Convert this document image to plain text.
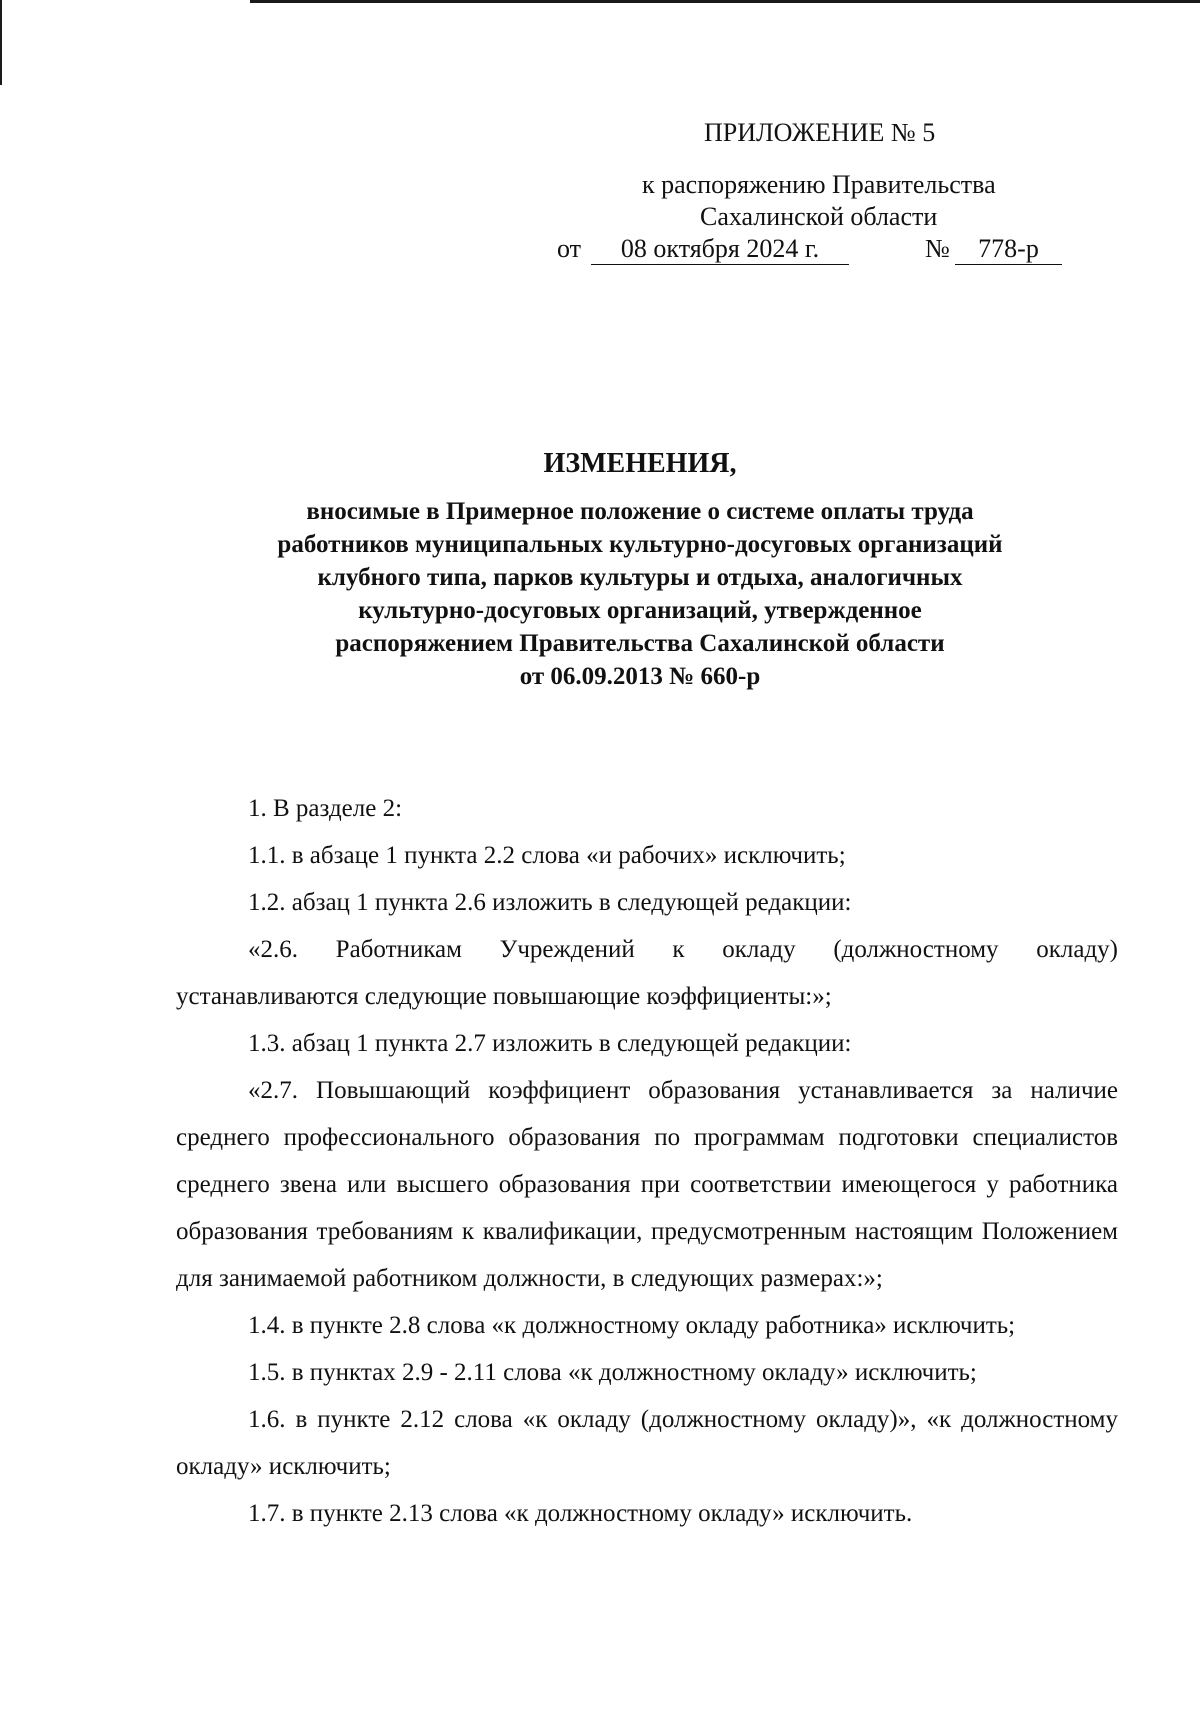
ПРИЛОЖЕНИЕ № 5
к распоряжению Правительства
Сахалинской области
от	08 октября 2024 г.	№	778-р
ИЗМЕНЕНИЯ,
вносимые в Примерное положение о системе оплаты труда
работников муниципальных культурно-досуговых организаций
клубного типа, парков культуры и отдыха, аналогичных
культурно-досуговых организаций, утвержденное
распоряжением Правительства Сахалинской области
от 06.09.2013 № 660-р

1. В разделе 2:

1.1. в абзаце 1 пункта 2.2 слова «и рабочих» исключить;

1.2. абзац 1 пункта 2.6 изложить в следующей редакции:

«2.6. Работникам Учреждений к окладу (должностному окладу) устанавливаются следующие повышающие коэффициенты:»;

1.3. абзац 1 пункта 2.7 изложить в следующей редакции:

«2.7. Повышающий коэффициент образования устанавливается за наличие среднего профессионального образования по программам подготовки специалистов среднего звена или высшего образования при соответствии имеющегося у работника образования требованиям к квалификации, предусмотренным настоящим Положением для занимаемой работником должности, в следующих размерах:»;

1.4. в пункте 2.8 слова «к должностному окладу работника» исключить;

1.5. в пунктах 2.9 - 2.11 слова «к должностному окладу» исключить;

1.6. в пункте 2.12 слова «к окладу (должностному окладу)», «к должностному окладу» исключить;

1.7. в пункте 2.13 слова «к должностному окладу» исключить.
